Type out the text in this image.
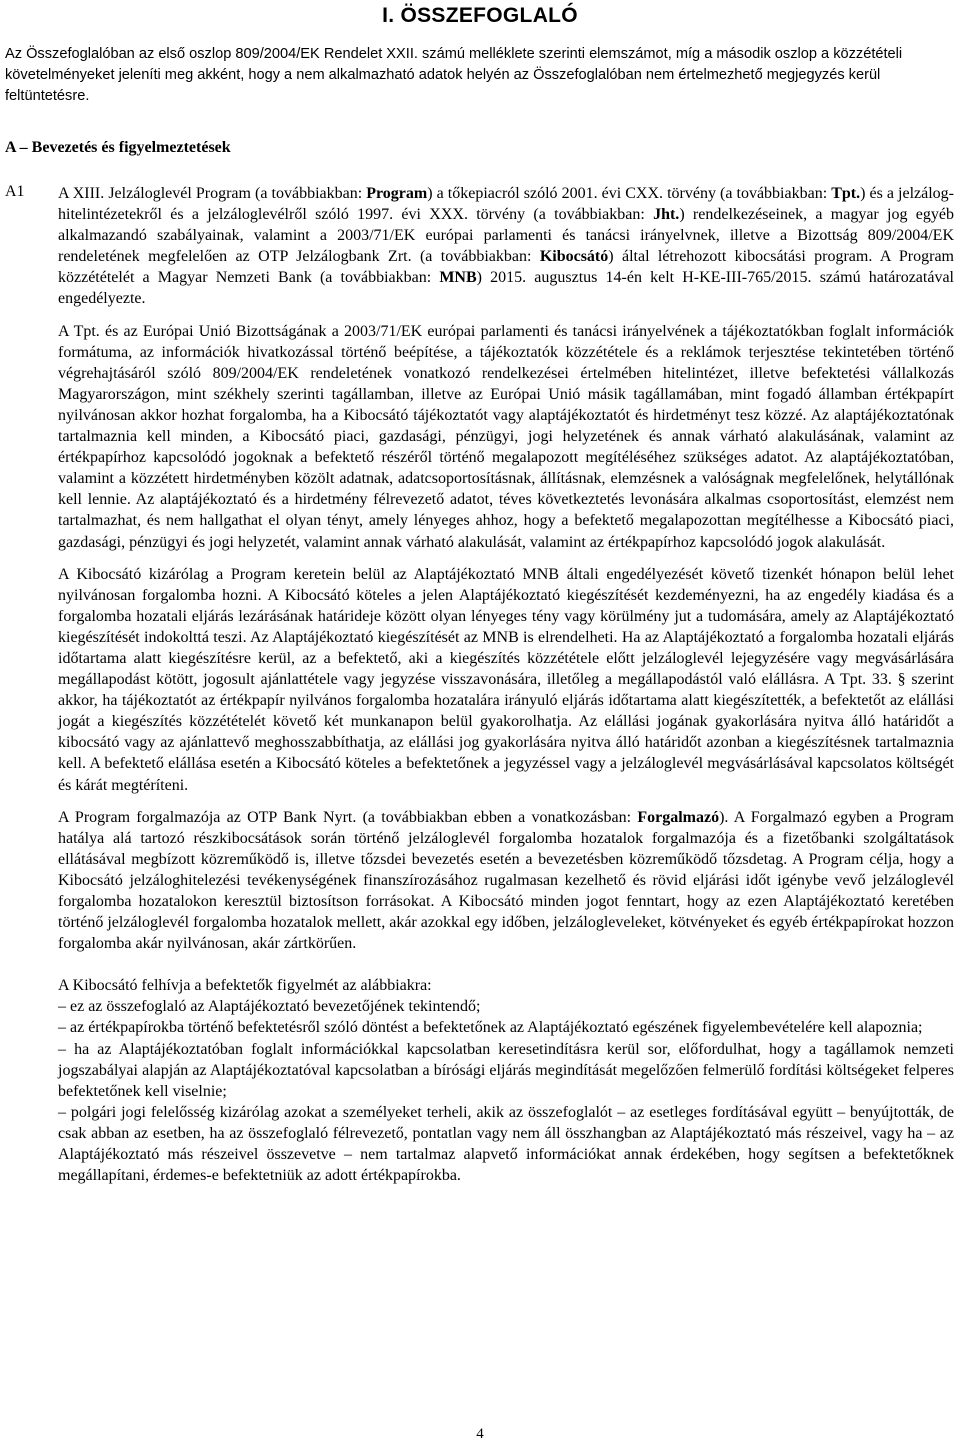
I. ÖSSZEFOGLALÓ
Az Összefoglalóban az első oszlop 809/2004/EK Rendelet XXII. számú melléklete szerinti elemszámot, míg a második oszlop a közzétételi követelményeket jeleníti meg akként, hogy a nem alkalmazható adatok helyén az Összefoglalóban nem értelmezhető megjegyzés kerül feltüntetésre.
A – Bevezetés és figyelmeztetések
A1 A XIII. Jelzáloglevél Program (a továbbiakban: Program) a tőkepiacról szóló 2001. évi CXX. törvény (a továbbiakban: Tpt.) és a jelzálog-hitelintézetekről és a jelzáloglevélről szóló 1997. évi XXX. törvény (a továbbiakban: Jht.) rendelkezéseinek, a magyar jog egyéb alkalmazandó szabályainak, valamint a 2003/71/EK európai parlamenti és tanácsi irányelvnek, illetve a Bizottság 809/2004/EK rendeletének megfelelően az OTP Jelzálogbank Zrt. (a továbbiakban: Kibocsátó) által létrehozott kibocsátási program. A Program közzétételét a Magyar Nemzeti Bank (a továbbiakban: MNB) 2015. augusztus 14-én kelt H-KE-III-765/2015. számú határozatával engedélyezte.

A Tpt. és az Európai Unió Bizottságának a 2003/71/EK európai parlamenti és tanácsi irányelvének a tájékoztatókban foglalt információk formátuma, az információk hivatkozással történő beépítése, a tájékoztatók közzététele és a reklámok terjesztése tekintetében történő végrehajtásáról szóló 809/2004/EK rendeletének vonatkozó rendelkezései értelmében hitelintézet, illetve befektetési vállalkozás Magyarországon, mint székhely szerinti tagállamban, illetve az Európai Unió másik tagállamában, mint fogadó államban értékpapírt nyilvánosan akkor hozhat forgalomba, ha a Kibocsátó tájékoztatót vagy alaptájékoztatót és hirdetményt tesz közzé. Az alaptájékoztatónak tartalmaznia kell minden, a Kibocsátó piaci, gazdasági, pénzügyi, jogi helyzetének és annak várható alakulásának, valamint az értékpapírhoz kapcsolódó jogoknak a befektető részéről történő megalapozott megítéléséhez szükséges adatot. Az alaptájékoztatóban, valamint a közzétett hirdetményben közölt adatnak, adatcsoportosításnak, állításnak, elemzésnek a valóságnak megfelelőnek, helytállónak kell lennie. Az alaptájékoztató és a hirdetmény félrevezető adatot, téves következtetés levonására alkalmas csoportosítást, elemzést nem tartalmazhat, és nem hallgathat el olyan tényt, amely lényeges ahhoz, hogy a befektető megalapozottan megítélhesse a Kibocsátó piaci, gazdasági, pénzügyi és jogi helyzetét, valamint annak várható alakulását, valamint az értékpapírhoz kapcsolódó jogok alakulását.

A Kibocsátó kizárólag a Program keretein belül az Alaptájékoztató MNB általi engedélyezését követő tizenkét hónapon belül lehet nyilvánosan forgalomba hozni. A Kibocsátó köteles a jelen Alaptájékoztató kiegészítését kezdeményezni, ha az engedély kiadása és a forgalomba hozatali eljárás lezárásának határideje között olyan lényeges tény vagy körülmény jut a tudomására, amely az Alaptájékoztató kiegészítését indokolttá teszi. Az Alaptájékoztató kiegészítését az MNB is elrendelheti. Ha az Alaptájékoztató a forgalomba hozatali eljárás időtartama alatt kiegészítésre kerül, az a befektető, aki a kiegészítés közzététele előtt jelzáloglevél lejegyzésére vagy megvásárlására megállapodást kötött, jogosult ajánlattétele vagy jegyzése visszavonására, illetőleg a megállapodástól való elállásra. A Tpt. 33. § szerint akkor, ha tájékoztatót az értékpapír nyilvános forgalomba hozatalára irányuló eljárás időtartama alatt kiegészítették, a befektetőt az elállási jogát a kiegészítés közzétételét követő két munkanapon belül gyakorolhatja. Az elállási jogának gyakorlására nyitva álló határidőt a kibocsátó vagy az ajánlattevő meghosszabbíthatja, az elállási jog gyakorlására nyitva álló határidőt azonban a kiegészítésnek tartalmaznia kell. A befektető elállása esetén a Kibocsátó köteles a befektetőnek a jegyzéssel vagy a jelzáloglevél megvásárlásával kapcsolatos költségét és kárát megtéríteni.

A Program forgalmazója az OTP Bank Nyrt. (a továbbiakban ebben a vonatkozásban: Forgalmazó). A Forgalmazó egyben a Program hatálya alá tartozó részkibocsátások során történő jelzáloglevél forgalomba hozatalok forgalmazója és a fizetőbanki szolgáltatások ellátásával megbízott közreműködő is, illetve tőzsdei bevezetés esetén a bevezetésben közreműködő tőzsdetag. A Program célja, hogy a Kibocsátó jelzáloghitelezési tevékenységének finanszírozásához rugalmasan kezelhető és rövid eljárási időt igénybe vevő jelzáloglevél forgalomba hozatalokon keresztül biztosítson forrásokat. A Kibocsátó minden jogot fenntart, hogy az ezen Alaptájékoztató keretében történő jelzáloglevél forgalomba hozatalok mellett, akár azokkal egy időben, jelzálogleveleket, kötvényeket és egyéb értékpapírokat hozzon forgalomba akár nyilvánosan, akár zártkörűen.

A Kibocsátó felhívja a befektetők figyelmét az alábbiakra:

– ez az összefoglaló az Alaptájékoztató bevezetőjének tekintendő;

– az értékpapírokba történő befektetésről szóló döntést a befektetőnek az Alaptájékoztató egészének figyelembevételére kell alapoznia;

– ha az Alaptájékoztatóban foglalt információkkal kapcsolatban keresetindításra kerül sor, előfordulhat, hogy a tagállamok nemzeti jogszabályai alapján az Alaptájékoztatóval kapcsolatban a bírósági eljárás megindítását megelőzően felmerülő fordítási költségeket felperes befektetőnek kell viselnie;

– polgári jogi felelősség kizárólag azokat a személyeket terheli, akik az összefoglalót – az esetleges fordításával együtt – benyújtották, de csak abban az esetben, ha az összefoglaló félrevezető, pontatlan vagy nem áll összhangban az Alaptájékoztató más részeivel, vagy ha – az Alaptájékoztató más részeivel összevetve – nem tartalmaz alapvető információkat annak érdekében, hogy segítsen a befektetőknek megállapítani, érdemes-e befektetniük az adott értékpapírokba.

4
